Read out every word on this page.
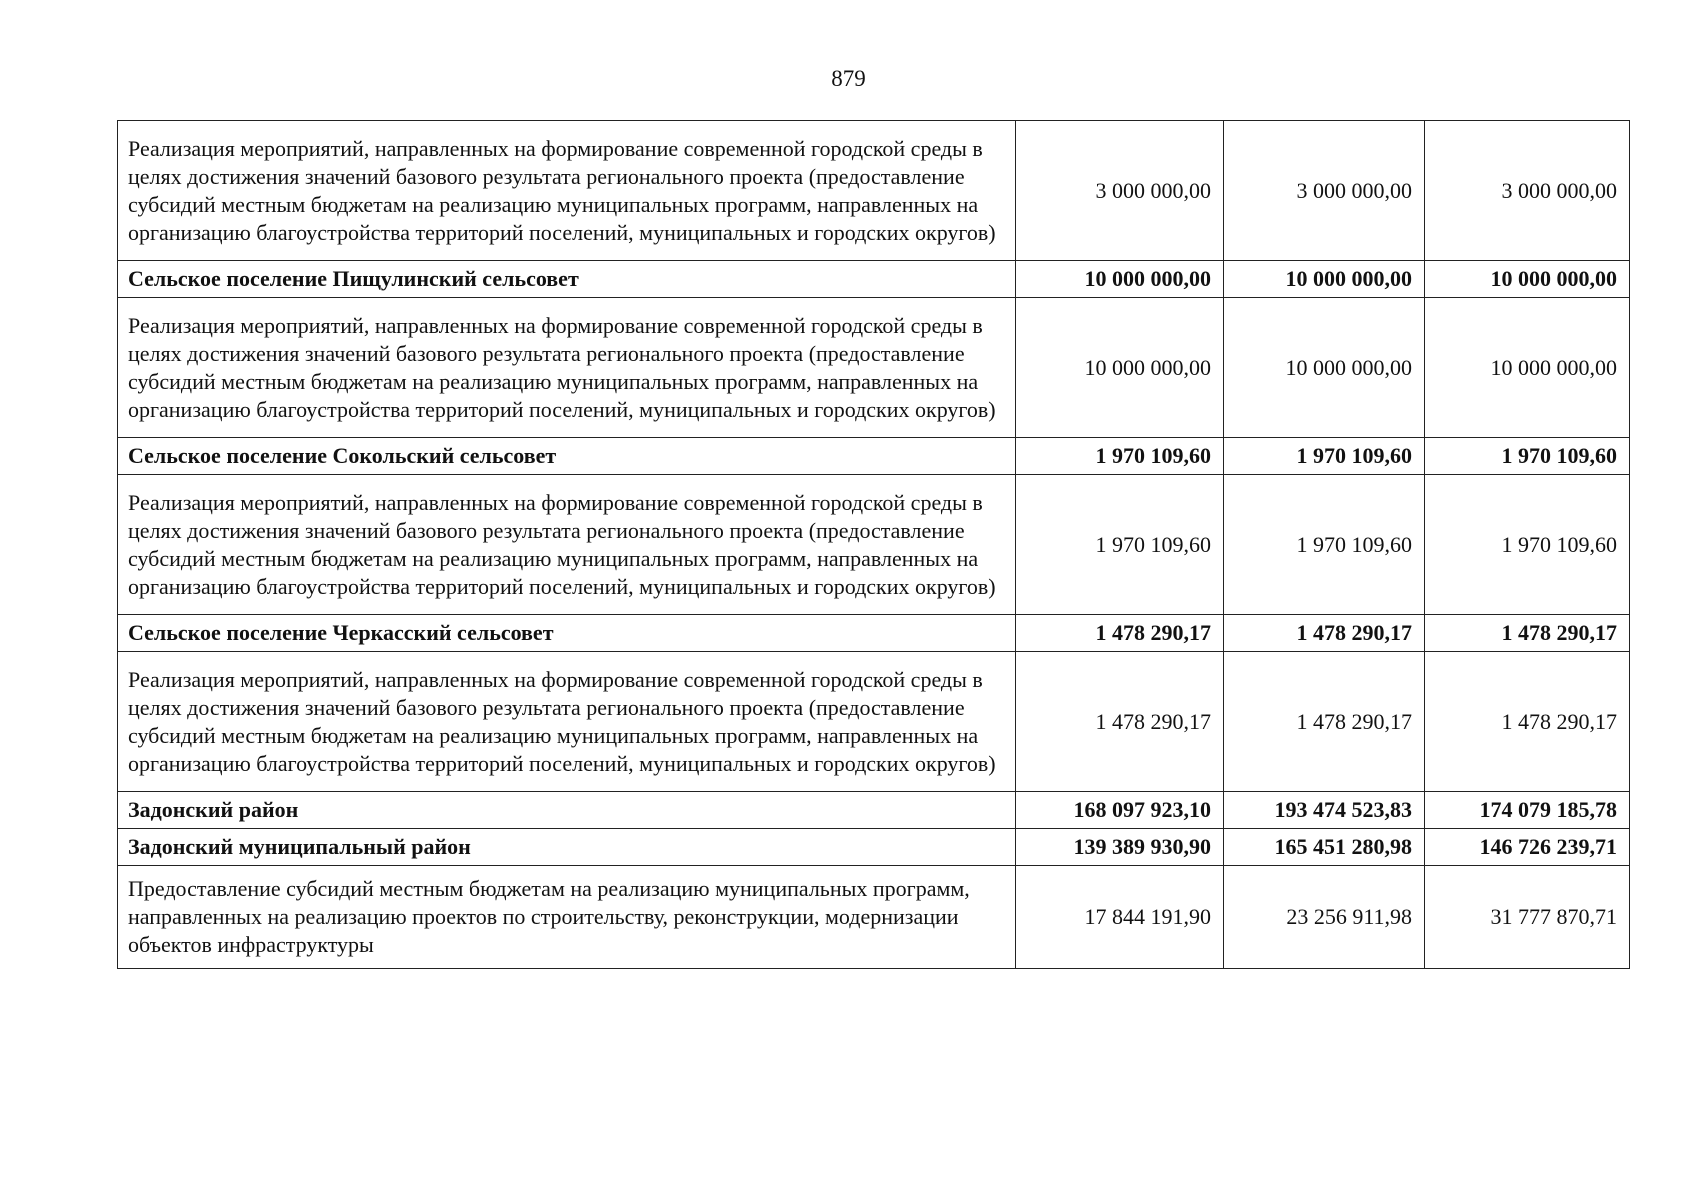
879
Реализация мероприятий, направленных на формирование современной городской среды в целях достижения значений базового результата регионального проекта (предоставление субсидий местным бюджетам на реализацию муниципальных программ, направленных на организацию благоустройства территорий поселений, муниципальных и городских округов)	3 000 000,00	3 000 000,00	3 000 000,00
Сельское поселение Пищулинский сельсовет	10 000 000,00	10 000 000,00	10 000 000,00
Реализация мероприятий, направленных на формирование современной городской среды в целях достижения значений базового результата регионального проекта (предоставление субсидий местным бюджетам на реализацию муниципальных программ, направленных на организацию благоустройства территорий поселений, муниципальных и городских округов)	10 000 000,00	10 000 000,00	10 000 000,00
Сельское поселение Сокольский сельсовет	1 970 109,60	1 970 109,60	1 970 109,60
Реализация мероприятий, направленных на формирование современной городской среды в целях достижения значений базового результата регионального проекта (предоставление субсидий местным бюджетам на реализацию муниципальных программ, направленных на организацию благоустройства территорий поселений, муниципальных и городских округов)	1 970 109,60	1 970 109,60	1 970 109,60
Сельское поселение Черкасский сельсовет	1 478 290,17	1 478 290,17	1 478 290,17
Реализация мероприятий, направленных на формирование современной городской среды в целях достижения значений базового результата регионального проекта (предоставление субсидий местным бюджетам на реализацию муниципальных программ, направленных на организацию благоустройства территорий поселений, муниципальных и городских округов)	1 478 290,17	1 478 290,17	1 478 290,17
Задонский район	168 097 923,10	193 474 523,83	174 079 185,78
Задонский муниципальный район	139 389 930,90	165 451 280,98	146 726 239,71
Предоставление субсидий местным бюджетам на реализацию муниципальных программ, направленных на реализацию проектов по строительству, реконструкции, модернизации объектов инфраструктуры	17 844 191,90	23 256 911,98	31 777 870,71
